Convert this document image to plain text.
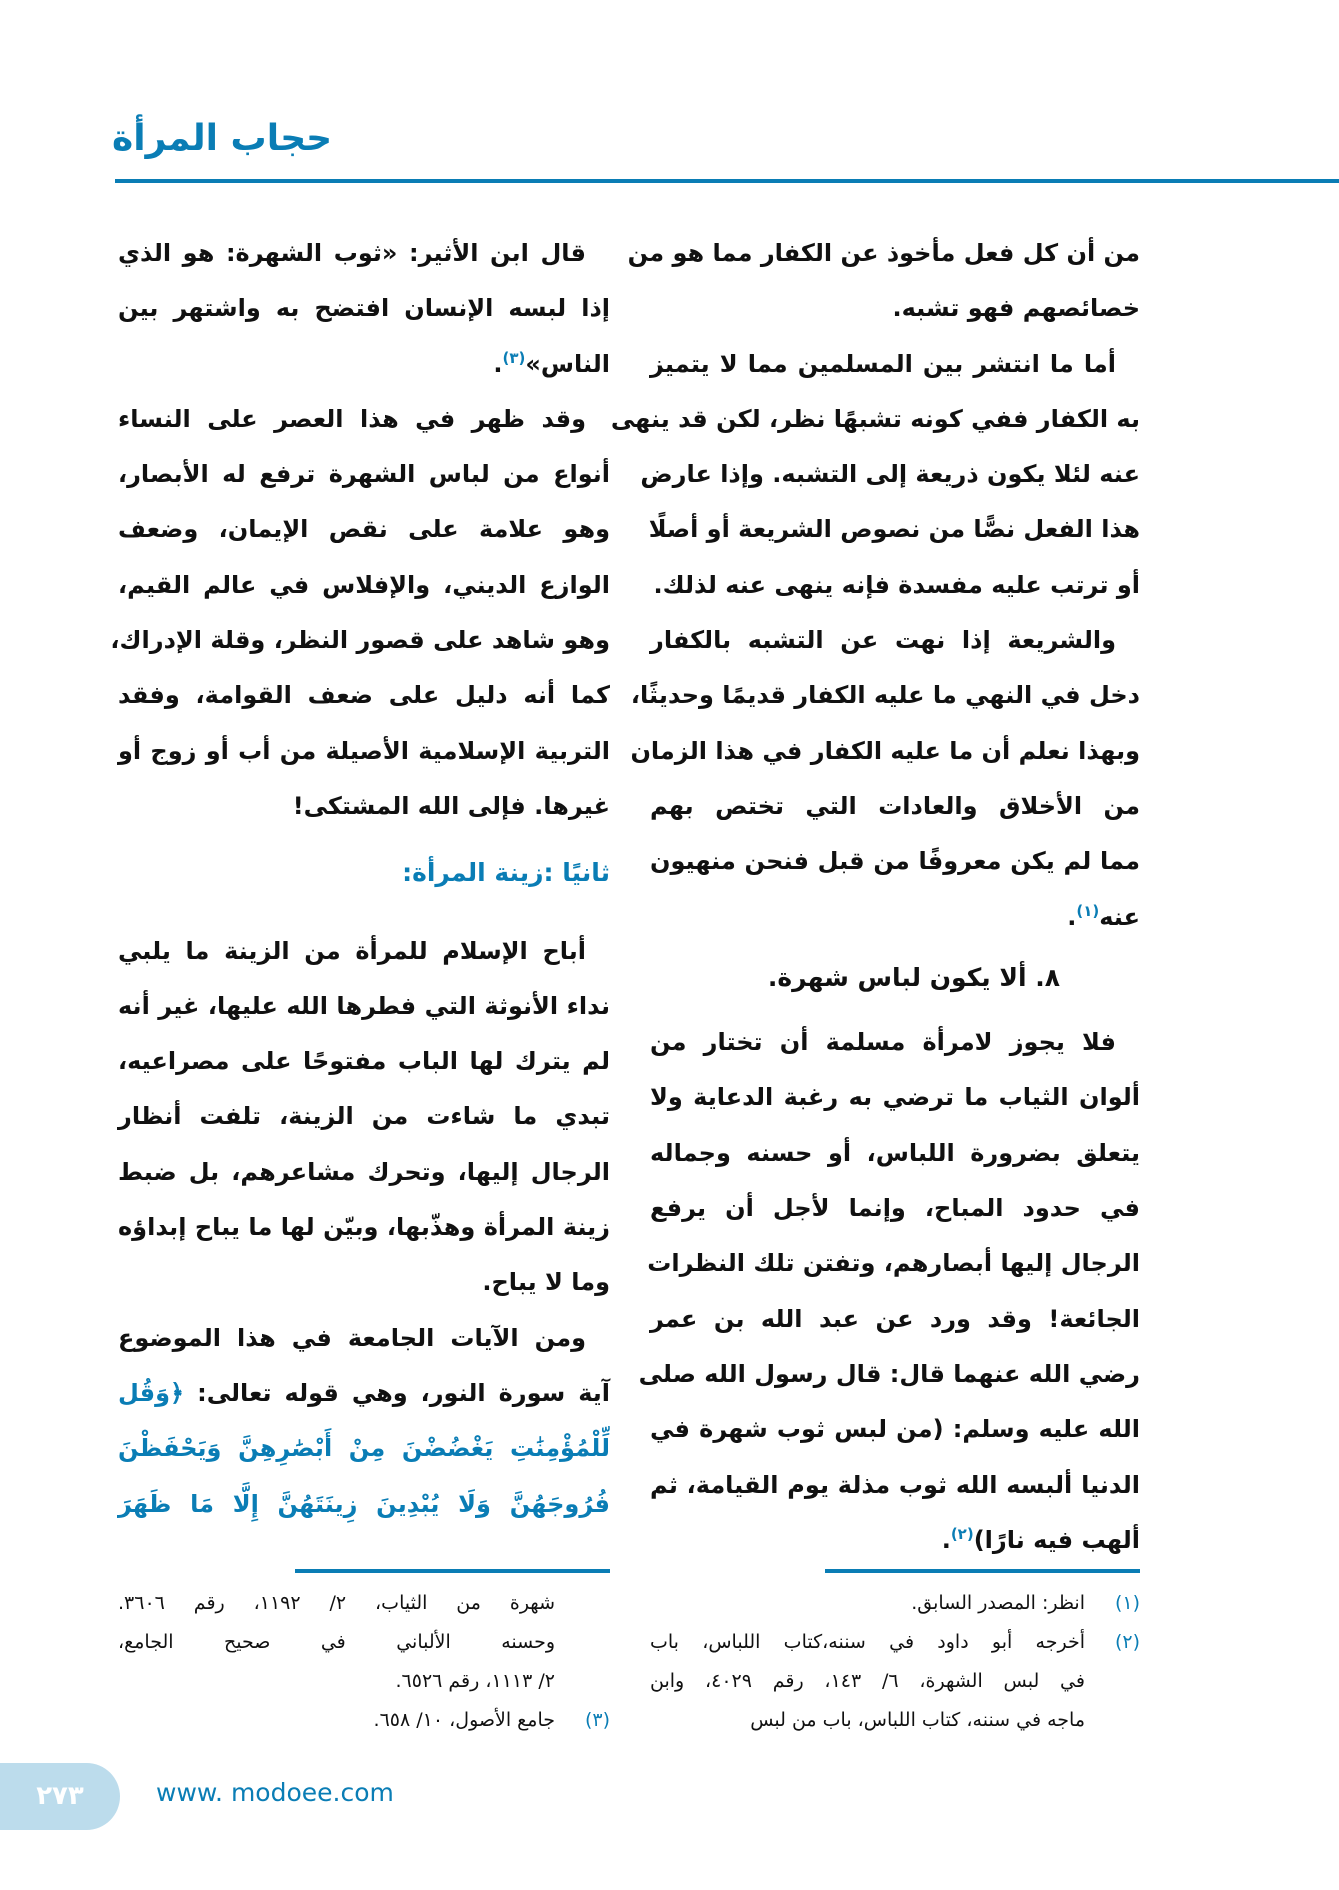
حجاب المرأة
من أن كل فعل مأخوذ عن الكفار مما هو من
خصائصهم فهو تشبه.
أما ما انتشر بين المسلمين مما لا يتميز
به الكفار ففي كونه تشبهًا نظر، لكن قد ينهى
عنه لئلا يكون ذريعة إلى التشبه. وإذا عارض
هذا الفعل نصًّا من نصوص الشريعة أو أصلًا
أو ترتب عليه مفسدة فإنه ينهى عنه لذلك.
والشريعة إذا نهت عن التشبه بالكفار
دخل في النهي ما عليه الكفار قديمًا وحديثًا،
وبهذا نعلم أن ما عليه الكفار في هذا الزمان
من الأخلاق والعادات التي تختص بهم
مما لم يكن معروفًا من قبل فنحن منهيون
عنه$^{(١)}$.
٨. ألا يكون لباس شهرة.
فلا يجوز لامرأة مسلمة أن تختار من
ألوان الثياب ما ترضي به رغبة الدعاية ولا
يتعلق بضرورة اللباس، أو حسنه وجماله
في حدود المباح، وإنما لأجل أن يرفع
الرجال إليها أبصارهم، وتفتن تلك النظرات
الجائعة! وقد ورد عن عبد الله بن عمر
رضي الله عنهما قال: قال رسول الله صلى
الله عليه وسلم: (من لبس ثوب شهرة في
الدنيا ألبسه الله ثوب مذلة يوم القيامة، ثم
ألهب فيه نارًا)$^{(٢)}$.
قال ابن الأثير: «ثوب الشهرة: هو الذي
إذا لبسه الإنسان افتضح به واشتهر بين
الناس»$^{(٣)}$.
وقد ظهر في هذا العصر على النساء
أنواع من لباس الشهرة ترفع له الأبصار،
وهو علامة على نقص الإيمان، وضعف
الوازع الديني، والإفلاس في عالم القيم،
وهو شاهد على قصور النظر، وقلة الإدراك،
كما أنه دليل على ضعف القوامة، وفقد
التربية الإسلامية الأصيلة من أب أو زوج أو
غيرها. فإلى الله المشتكى!
ثانيًا :زينة المرأة:
أباح الإسلام للمرأة من الزينة ما يلبي
نداء الأنوثة التي فطرها الله عليها، غير أنه
لم يترك لها الباب مفتوحًا على مصراعيه،
تبدي ما شاءت من الزينة، تلفت أنظار
الرجال إليها، وتحرك مشاعرهم، بل ضبط
زينة المرأة وهذّبها، وبيّن لها ما يباح إبداؤه
وما لا يباح.
ومن الآيات الجامعة في هذا الموضوع
آية سورة النور، وهي قوله تعالى: ﴿وَقُل
لِّلْمُؤْمِنَٰتِ يَغْضُضْنَ مِنْ أَبْصَٰرِهِنَّ وَيَحْفَظْنَ
فُرُوجَهُنَّ وَلَا يُبْدِينَ زِينَتَهُنَّ إِلَّا مَا ظَهَرَ
(١)
انظر: المصدر السابق.
(٢)
أخرجه أبو داود في سننه،كتاب اللباس، باب
في لبس الشهرة، ٦/ ١٤٣، رقم ٤٠٢٩، وابن
ماجه في سننه، كتاب اللباس، باب من لبس
شهرة من الثياب، ٢/ ١١٩٢، رقم ٣٦٠٦.
وحسنه الألباني في صحيح الجامع،
٢/ ١١١٣، رقم ٦٥٢٦.
(٣)
جامع الأصول، ١٠/ ٦٥٨.
٢٧٣	www. modoee.com
